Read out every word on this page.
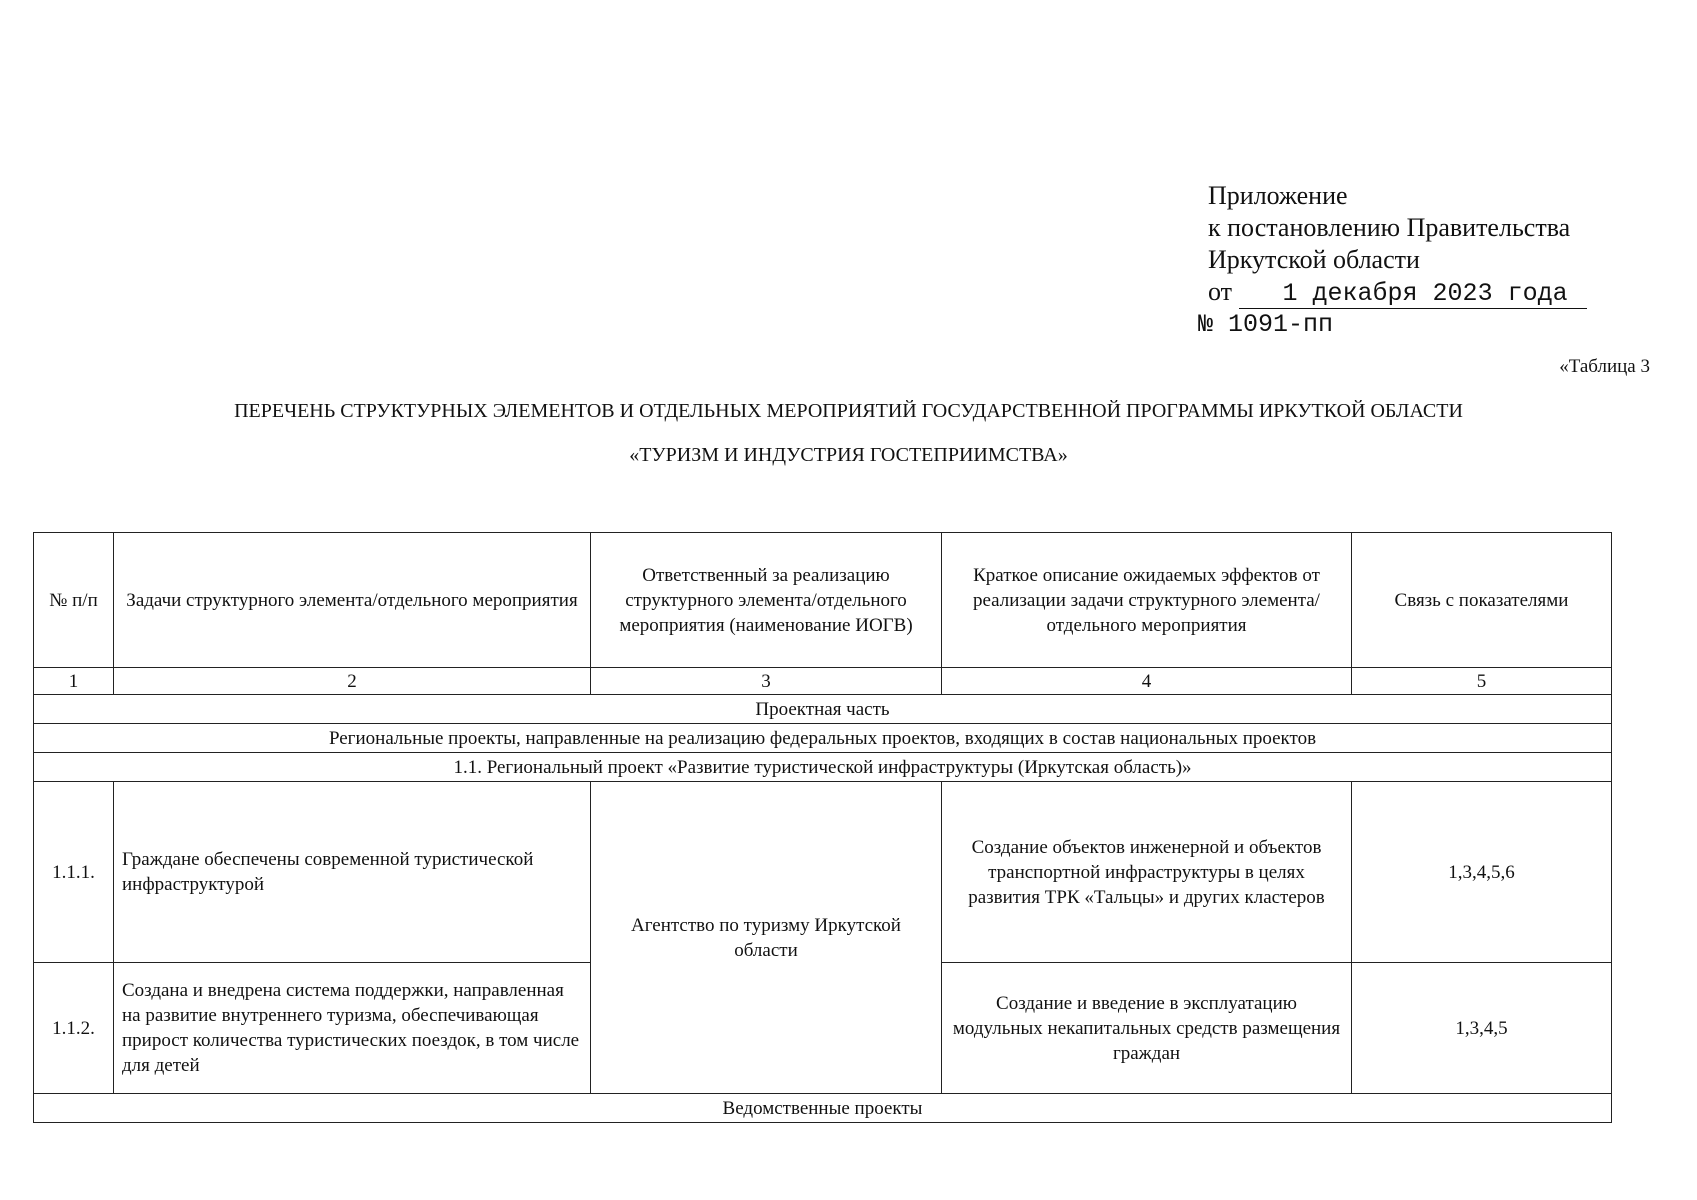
Приложение
к постановлению Правительства
Иркутской области
от 1 декабря 2023 года
№ 1091-пп
«Таблица 3
ПЕРЕЧЕНЬ СТРУКТУРНЫХ ЭЛЕМЕНТОВ И ОТДЕЛЬНЫХ МЕРОПРИЯТИЙ ГОСУДАРСТВЕННОЙ ПРОГРАММЫ ИРКУТКОЙ ОБЛАСТИ
«ТУРИЗМ И ИНДУСТРИЯ ГОСТЕПРИИМСТВА»
№ п/п	Задачи структурного элемента/отдельного мероприятия	Ответственный за реализацию структурного элемента/отдельного мероприятия (наименование ИОГВ)	Краткое описание ожидаемых эффектов от реализации задачи структурного элемента/ отдельного мероприятия	Связь с показателями
1	2	3	4	5
Проектная часть				
Региональные проекты, направленные на реализацию федеральных проектов, входящих в состав национальных проектов				
1.1. Региональный проект «Развитие туристической инфраструктуры (Иркутская область)»				
1.1.1.	Граждане обеспечены современной туристической инфраструктурой	Агентство по туризму Иркутской области	Создание объектов инженерной и объектов транспортной инфраструктуры в целях развития ТРК «Тальцы» и других кластеров	1,3,4,5,6
1.1.2.	Создана и внедрена система поддержки, направленная на развитие внутреннего туризма, обеспечивающая прирост количества туристических поездок, в том числе для детей		Создание и введение в эксплуатацию модульных некапитальных средств размещения граждан	1,3,4,5
Ведомственные проекты				
